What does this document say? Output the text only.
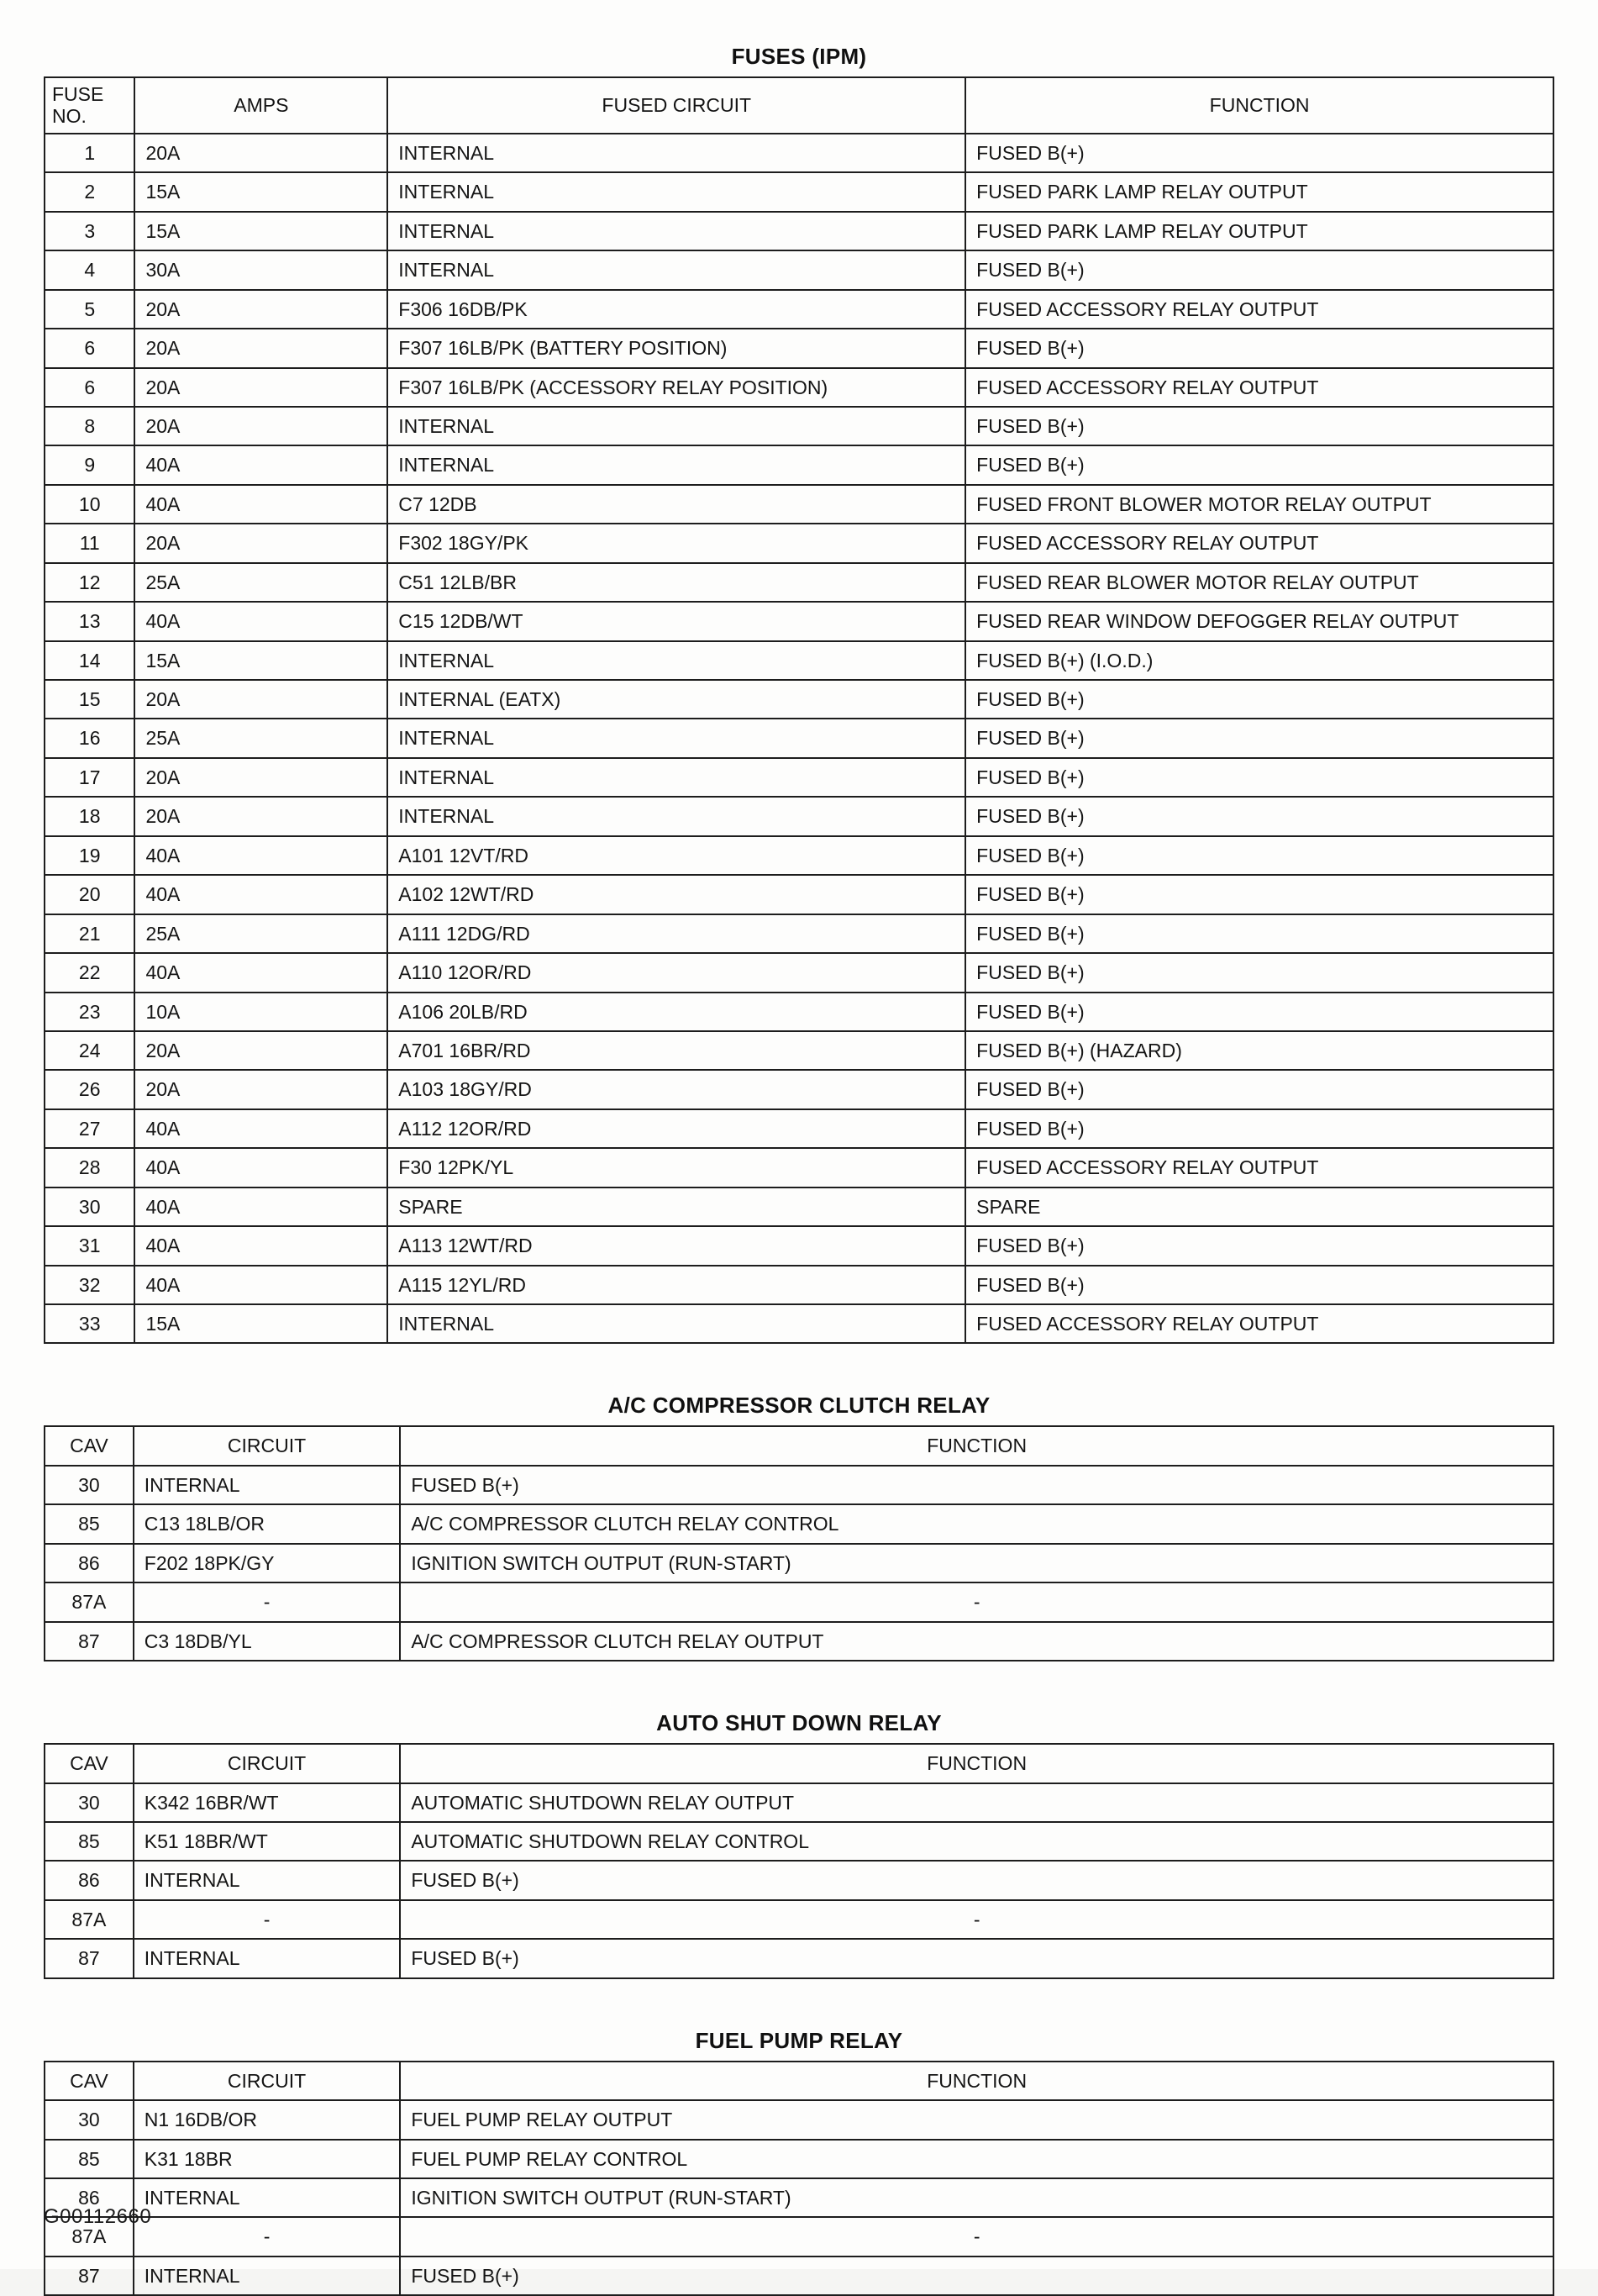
FUSES (IPM)
FUSE NO.	AMPS	FUSED CIRCUIT	FUNCTION
1	20A	INTERNAL	FUSED B(+)
2	15A	INTERNAL	FUSED PARK LAMP RELAY OUTPUT
3	15A	INTERNAL	FUSED PARK LAMP RELAY OUTPUT
4	30A	INTERNAL	FUSED B(+)
5	20A	F306 16DB/PK	FUSED ACCESSORY RELAY OUTPUT
6	20A	F307 16LB/PK (BATTERY POSITION)	FUSED B(+)
6	20A	F307 16LB/PK (ACCESSORY RELAY POSITION)	FUSED ACCESSORY RELAY OUTPUT
8	20A	INTERNAL	FUSED B(+)
9	40A	INTERNAL	FUSED B(+)
10	40A	C7 12DB	FUSED FRONT BLOWER MOTOR RELAY OUTPUT
11	20A	F302 18GY/PK	FUSED ACCESSORY RELAY OUTPUT
12	25A	C51 12LB/BR	FUSED REAR BLOWER MOTOR RELAY OUTPUT
13	40A	C15 12DB/WT	FUSED REAR WINDOW DEFOGGER RELAY OUTPUT
14	15A	INTERNAL	FUSED B(+) (I.O.D.)
15	20A	INTERNAL (EATX)	FUSED B(+)
16	25A	INTERNAL	FUSED B(+)
17	20A	INTERNAL	FUSED B(+)
18	20A	INTERNAL	FUSED B(+)
19	40A	A101 12VT/RD	FUSED B(+)
20	40A	A102 12WT/RD	FUSED B(+)
21	25A	A111 12DG/RD	FUSED B(+)
22	40A	A110 12OR/RD	FUSED B(+)
23	10A	A106 20LB/RD	FUSED B(+)
24	20A	A701 16BR/RD	FUSED B(+) (HAZARD)
26	20A	A103 18GY/RD	FUSED B(+)
27	40A	A112 12OR/RD	FUSED B(+)
28	40A	F30 12PK/YL	FUSED ACCESSORY RELAY OUTPUT
30	40A	SPARE	SPARE
31	40A	A113 12WT/RD	FUSED B(+)
32	40A	A115 12YL/RD	FUSED B(+)
33	15A	INTERNAL	FUSED ACCESSORY RELAY OUTPUT
A/C COMPRESSOR CLUTCH RELAY
CAV	CIRCUIT	FUNCTION
30	INTERNAL	FUSED B(+)
85	C13 18LB/OR	A/C COMPRESSOR CLUTCH RELAY CONTROL
86	F202 18PK/GY	IGNITION SWITCH OUTPUT (RUN-START)
87A	-	-
87	C3 18DB/YL	A/C COMPRESSOR CLUTCH RELAY OUTPUT
AUTO SHUT DOWN RELAY
CAV	CIRCUIT	FUNCTION
30	K342 16BR/WT	AUTOMATIC SHUTDOWN RELAY OUTPUT
85	K51 18BR/WT	AUTOMATIC SHUTDOWN RELAY CONTROL
86	INTERNAL	FUSED B(+)
87A	-	-
87	INTERNAL	FUSED B(+)
FUEL PUMP RELAY
CAV	CIRCUIT	FUNCTION
30	N1 16DB/OR	FUEL PUMP RELAY OUTPUT
85	K31 18BR	FUEL PUMP RELAY CONTROL
86	INTERNAL	IGNITION SWITCH OUTPUT (RUN-START)
87A	-	-
87	INTERNAL	FUSED B(+)
G00112660
